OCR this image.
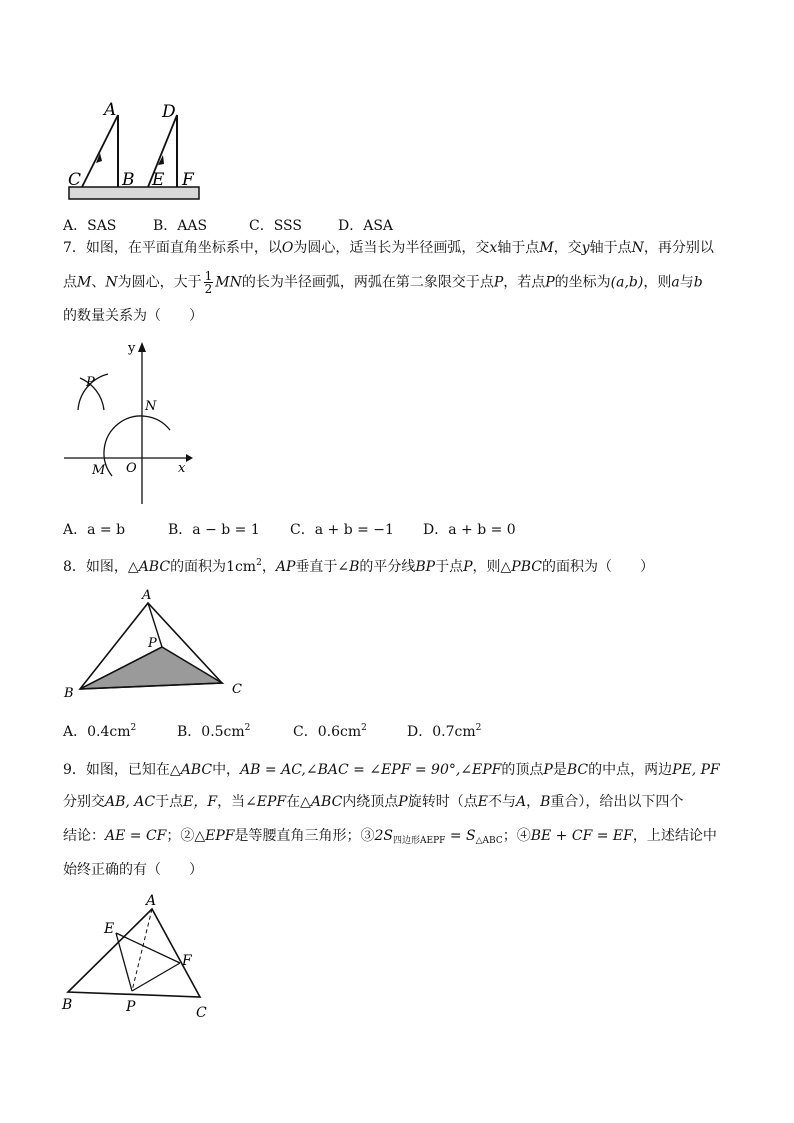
A	D
C B E F
A．SAS	B．AAS	C．SSS	D．ASA
7．如图，在平面直角坐标系中，以O为圆心，适当长为半径画弧，交x轴于点M，交y轴于点N，再分别以
点M、N为圆心，大于 $\frac{1}{2}$ MN的长为半径画弧，两弧在第二象限交于点P，若点P的坐标为(a,b)，则a与b
的数量关系为（　　）
y
x
P
N
M O
A．a = b	B．a − b = 1 C．a + b = −1 D．a + b = 0
8．如图，△ABC的面积为$1cm^2$，AP垂直于∠B的平分线BP于点P，则△PBC的面积为（　　）
A
P
B	C
A．$0.4cm^2$	B．$0.5cm^2$	C．$0.6cm^2$	D．$0.7cm^2$
9．如图，已知在△ABC中，AB = AC,∠BAC = ∠EPF = 90°,∠EPF的顶点P是BC的中点，两边PE, PF
分别交AB, AC于点E，F，当∠EPF在△ABC内绕顶点P旋转时（点E不与A，B重合），给出以下四个
结论：AE = CF；②△EPF是等腰直角三角形；$③2S_{四边形AEPF} = S_{\triangle ABC}$；④BE + CF = EF，上述结论中
始终正确的有（　　）
A
E
F
B	P	C
